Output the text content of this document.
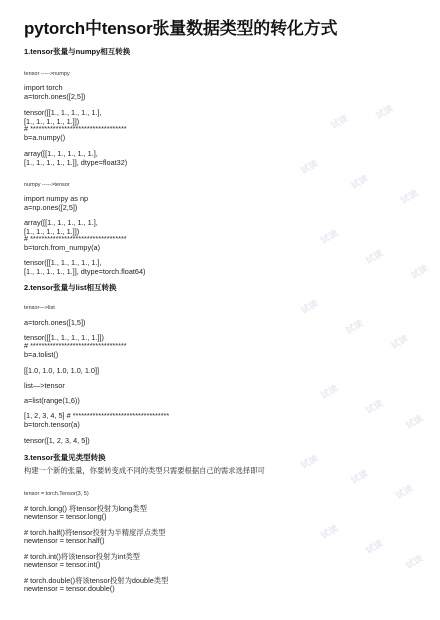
pytorch中tensor张量数据类型的转化方式
1.tensor张量与numpy相互转换
tensor ----->numpy
import torch
a=torch.ones([2,5])
tensor([[1., 1., 1., 1., 1.],
[1., 1., 1., 1., 1.]])
# **********************************
b=a.numpy()
array([[1., 1., 1., 1., 1.],
[1., 1., 1., 1., 1.]], dtype=float32)
numpy ----->tensor
import numpy as np
a=np.ones([2,5])
array([[1., 1., 1., 1., 1.],
[1., 1., 1., 1., 1.]])
# **********************************
b=torch.from_numpy(a)
tensor([[1., 1., 1., 1., 1.],
[1., 1., 1., 1., 1.]], dtype=torch.float64)
2.tensor张量与list相互转换
tensor—>list
a=torch.ones([1,5])
tensor([[1., 1., 1., 1., 1.]])
# **********************************
b=a.tolist()
[[1.0, 1.0, 1.0, 1.0, 1.0]]
list—>tensor
a=list(range(1,6))
[1, 2, 3, 4, 5] # **********************************
b=torch.tensor(a)
tensor([1, 2, 3, 4, 5])
3.tensor张量见类型转换
构建一个新的张量，你要转变成不同的类型只需要根据自己的需求选择即可
tensor = torch.Tensor(3, 5)
# torch.long() 将tensor投射为long类型
newtensor = tensor.long()
# torch.half()将tensor投射为半精度浮点类型
newtensor = tensor.half()
# torch.int()将该tensor投射为int类型
newtensor = tensor.int()
# torch.double()将该tensor投射为double类型
newtensor = tensor.double()
试读
试读
试读
试读
试读
试读
试读
试读
试读
试读
试读
试读
试读
试读
试读
试读
试读
试读
试读
试读
